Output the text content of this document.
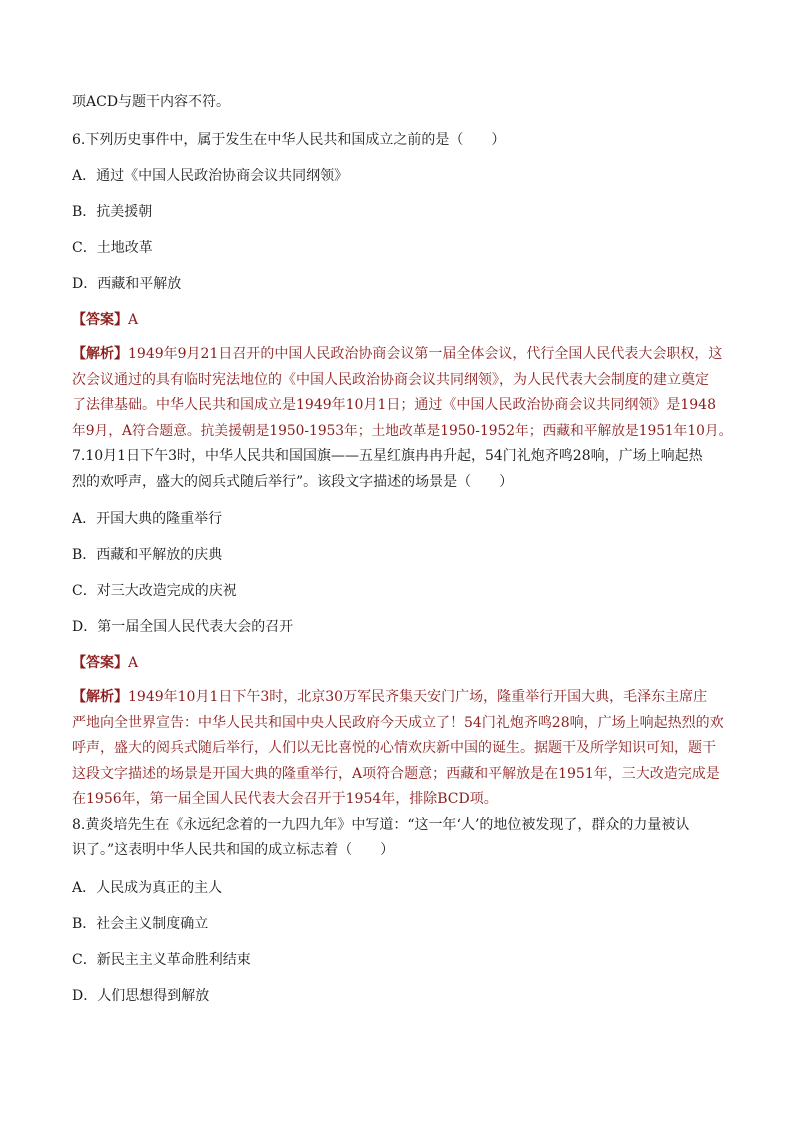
项ACD与题干内容不符。
6.下列历史事件中，属于发生在中华人民共和国成立之前的是（　　）
A．通过《中国人民政治协商会议共同纲领》
B．抗美援朝
C．土地改革
D．西藏和平解放
【答案】A
【解析】1949年9月21日召开的中国人民政治协商会议第一届全体会议，代行全国人民代表大会职权，这
次会议通过的具有临时宪法地位的《中国人民政治协商会议共同纲领》，为人民代表大会制度的建立奠定
了法律基础。中华人民共和国成立是1949年10月1日；通过《中国人民政治协商会议共同纲领》是1948
年9月，A符合题意。抗美援朝是1950-1953年；土地改革是1950-1952年；西藏和平解放是1951年10月。
7.10月1日下午3时，中华人民共和国国旗——五星红旗冉冉升起，54门礼炮齐鸣28响，广场上响起热
烈的欢呼声，盛大的阅兵式随后举行”。该段文字描述的场景是（　　）
A．开国大典的隆重举行
B．西藏和平解放的庆典
C．对三大改造完成的庆祝
D．第一届全国人民代表大会的召开
【答案】A
【解析】1949年10月1日下午3时，北京30万军民齐集天安门广场，隆重举行开国大典，毛泽东主席庄
严地向全世界宣告：中华人民共和国中央人民政府今天成立了！54门礼炮齐鸣28响，广场上响起热烈的欢
呼声，盛大的阅兵式随后举行，人们以无比喜悦的心情欢庆新中国的诞生。据题干及所学知识可知，题干
这段文字描述的场景是开国大典的隆重举行，A项符合题意；西藏和平解放是在1951年，三大改造完成是
在1956年，第一届全国人民代表大会召开于1954年，排除BCD项。
8.黄炎培先生在《永远纪念着的一九四九年》中写道：“这一年‘人’的地位被发现了，群众的力量被认
识了。”这表明中华人民共和国的成立标志着（　　）
A．人民成为真正的主人
B．社会主义制度确立
C．新民主主义革命胜利结束
D．人们思想得到解放
